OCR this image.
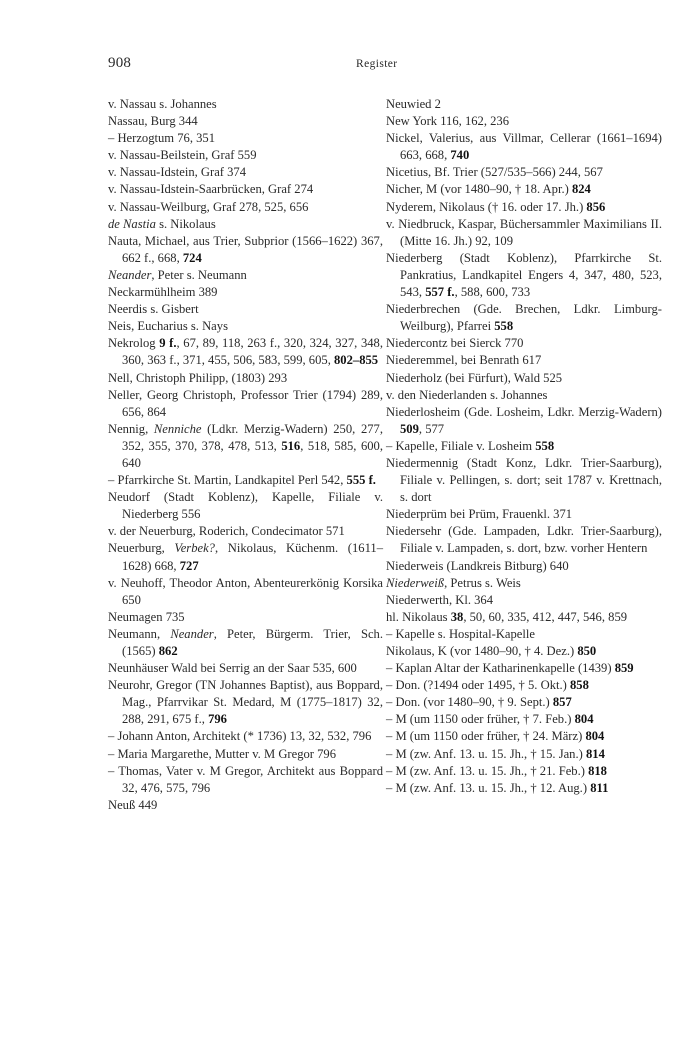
908	Register
v. Nassau s. Johannes
Nassau, Burg 344
– Herzogtum 76, 351
v. Nassau-Beilstein, Graf 559
v. Nassau-Idstein, Graf 374
v. Nassau-Idstein-Saarbrücken, Graf 274
v. Nassau-Weilburg, Graf 278, 525, 656
de Nastia s. Nikolaus
Nauta, Michael, aus Trier, Subprior (1566–1622) 367, 662 f., 668, 724
Neander, Peter s. Neumann
Neckarmühlheim 389
Neerdis s. Gisbert
Neis, Eucharius s. Nays
Nekrolog 9 f., 67, 89, 118, 263 f., 320, 324, 327, 348, 360, 363 f., 371, 455, 506, 583, 599, 605, 802–855
Nell, Christoph Philipp, (1803) 293
Neller, Georg Christoph, Professor Trier (1794) 289, 656, 864
Nennig, Nenniche (Ldkr. Merzig-Wadern) 250, 277, 352, 355, 370, 378, 478, 513, 516, 518, 585, 600, 640
– Pfarrkirche St. Martin, Landkapitel Perl 542, 555 f.
Neudorf (Stadt Koblenz), Kapelle, Filiale v. Niederberg 556
v. der Neuerburg, Roderich, Condecimator 571
Neuerburg, Verbek?, Nikolaus, Küchenm. (1611–1628) 668, 727
v. Neuhoff, Theodor Anton, Abenteurerkönig Korsika 650
Neumagen 735
Neumann, Neander, Peter, Bürgerm. Trier, Sch. (1565) 862
Neunhäuser Wald bei Serrig an der Saar 535, 600
Neurohr, Gregor (TN Johannes Baptist), aus Boppard, Mag., Pfarrvikar St. Medard, M (1775–1817) 32, 288, 291, 675 f., 796
– Johann Anton, Architekt (* 1736) 13, 32, 532, 796
– Maria Margarethe, Mutter v. M Gregor 796
– Thomas, Vater v. M Gregor, Architekt aus Boppard 32, 476, 575, 796
Neuß 449
Neuwied 2
New York 116, 162, 236
Nickel, Valerius, aus Villmar, Cellerar (1661–1694) 663, 668, 740
Nicetius, Bf. Trier (527/535–566) 244, 567
Nicher, M (vor 1480–90, † 18. Apr.) 824
Nyderem, Nikolaus († 16. oder 17. Jh.) 856
v. Niedbruck, Kaspar, Büchersammler Maximilians II. (Mitte 16. Jh.) 92, 109
Niederberg (Stadt Koblenz), Pfarrkirche St. Pankratius, Landkapitel Engers 4, 347, 480, 523, 543, 557 f., 588, 600, 733
Niederbrechen (Gde. Brechen, Ldkr. Limburg-Weilburg), Pfarrei 558
Niedercontz bei Sierck 770
Niederemmel, bei Benrath 617
Niederholz (bei Fürfurt), Wald 525
v. den Niederlanden s. Johannes
Niederlosheim (Gde. Losheim, Ldkr. Merzig-Wadern) 509, 577
– Kapelle, Filiale v. Losheim 558
Niedermennig (Stadt Konz, Ldkr. Trier-Saarburg), Filiale v. Pellingen, s. dort; seit 1787 v. Krettnach, s. dort
Niederprüm bei Prüm, Frauenkl. 371
Niedersehr (Gde. Lampaden, Ldkr. Trier-Saarburg), Filiale v. Lampaden, s. dort, bzw. vorher Hentern
Niederweis (Landkreis Bitburg) 640
Niederweiß, Petrus s. Weis
Niederwerth, Kl. 364
hl. Nikolaus 38, 50, 60, 335, 412, 447, 546, 859
– Kapelle s. Hospital-Kapelle
Nikolaus, K (vor 1480–90, † 4. Dez.) 850
– Kaplan Altar der Katharinenkapelle (1439) 859
– Don. (?1494 oder 1495, † 5. Okt.) 858
– Don. (vor 1480–90, † 9. Sept.) 857
– M (um 1150 oder früher, † 7. Feb.) 804
– M (um 1150 oder früher, † 24. März) 804
– M (zw. Anf. 13. u. 15. Jh., † 15. Jan.) 814
– M (zw. Anf. 13. u. 15. Jh., † 21. Feb.) 818
– M (zw. Anf. 13. u. 15. Jh., † 12. Aug.) 811
